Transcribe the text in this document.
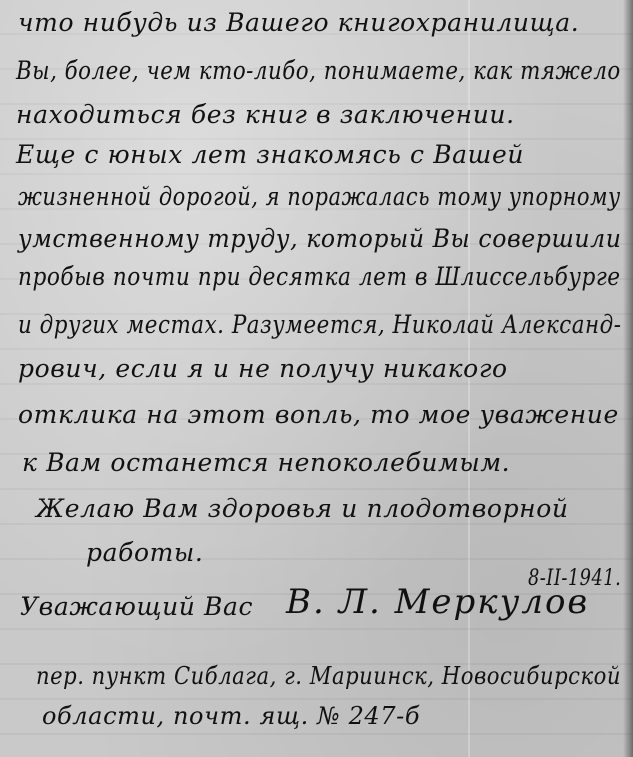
что нибудь из Вашего книгохранилища.
Вы, более, чем кто-либо, понимаете, как тяжело
находиться без книг в заключении.
Еще с юных лет знакомясь с Вашей
жизненной дорогой, я поражалась тому упорному
умственному труду, который Вы совершили
пробыв почти при десятка лет в Шлиссельбурге
и других местах. Разумеется, Николай Александ-
рович, если я и не получу никакого
отклика на этот вопль, то мое уважение
к Вам останется непоколебимым.
Желаю Вам здоровья и плодотворной
работы.
8-II-1941.
Уважающий Вас В. Л. Меркулов
пер. пункт Сиблага, г. Мариинск, Новосибирской
области, почт. ящ. № 247-б
